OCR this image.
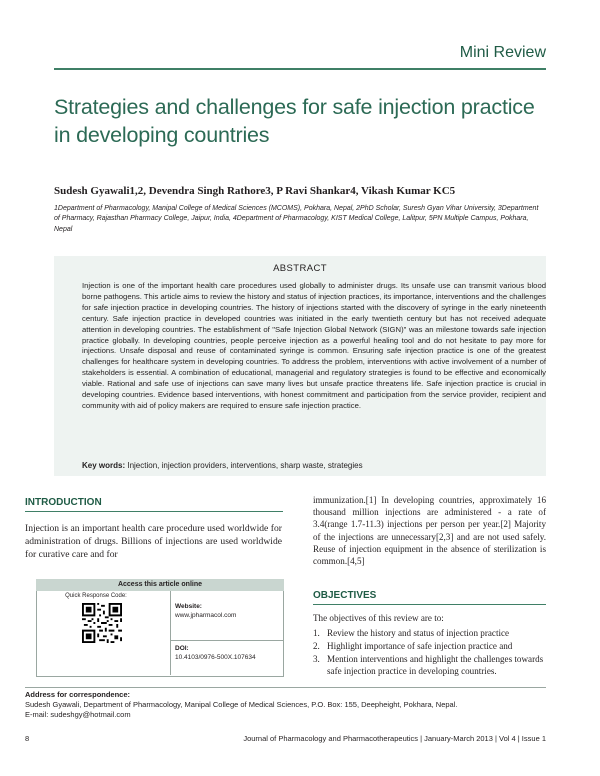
Mini Review
Strategies and challenges for safe injection practice in developing countries
Sudesh Gyawali1,2, Devendra Singh Rathore3, P Ravi Shankar4, Vikash Kumar KC5
1Department of Pharmacology, Manipal College of Medical Sciences (MCOMS), Pokhara, Nepal, 2PhD Scholar, Suresh Gyan Vihar University, 3Department of Pharmacy, Rajasthan Pharmacy College, Jaipur, India, 4Department of Pharmacology, KIST Medical College, Lalitpur, 5PN Multiple Campus, Pokhara, Nepal
ABSTRACT
Injection is one of the important health care procedures used globally to administer drugs. Its unsafe use can transmit various blood borne pathogens. This article aims to review the history and status of injection practices, its importance, interventions and the challenges for safe injection practice in developing countries. The history of injections started with the discovery of syringe in the early nineteenth century. Safe injection practice in developed countries was initiated in the early twentieth century but has not received adequate attention in developing countries. The establishment of "Safe Injection Global Network (SIGN)" was an milestone towards safe injection practice globally. In developing countries, people perceive injection as a powerful healing tool and do not hesitate to pay more for injections. Unsafe disposal and reuse of contaminated syringe is common. Ensuring safe injection practice is one of the greatest challenges for healthcare system in developing countries. To address the problem, interventions with active involvement of a number of stakeholders is essential. A combination of educational, managerial and regulatory strategies is found to be effective and economically viable. Rational and safe use of injections can save many lives but unsafe practice threatens life. Safe injection practice is crucial in developing countries. Evidence based interventions, with honest commitment and participation from the service provider, recipient and community with aid of policy makers are required to ensure safe injection practice.
Key words: Injection, injection providers, interventions, sharp waste, strategies
INTRODUCTION
Injection is an important health care procedure used worldwide for administration of drugs. Billions of injections are used worldwide for curative care and for
Access this article online
Quick Response Code:
Website:
www.jpharmacol.com
DOI:
10.4103/0976-500X.107634
immunization.[1] In developing countries, approximately 16 thousand million injections are administered - a rate of 3.4(range 1.7-11.3) injections per person per year.[2] Majority of the injections are unnecessary[2,3] and are not used safely. Reuse of injection equipment in the absence of sterilization is common.[4,5]
OBJECTIVES
The objectives of this review are to:
1. Review the history and status of injection practice
2. Highlight importance of safe injection practice and
3. Mention interventions and highlight the challenges towards safe injection practice in developing countries.
Address for correspondence:
Sudesh Gyawali, Department of Pharmacology, Manipal College of Medical Sciences, P.O. Box: 155, Deepheight, Pokhara, Nepal.
E-mail: sudeshgy@hotmail.com
8	Journal of Pharmacology and Pharmacotherapeutics | January-March 2013 | Vol 4 | Issue 1
